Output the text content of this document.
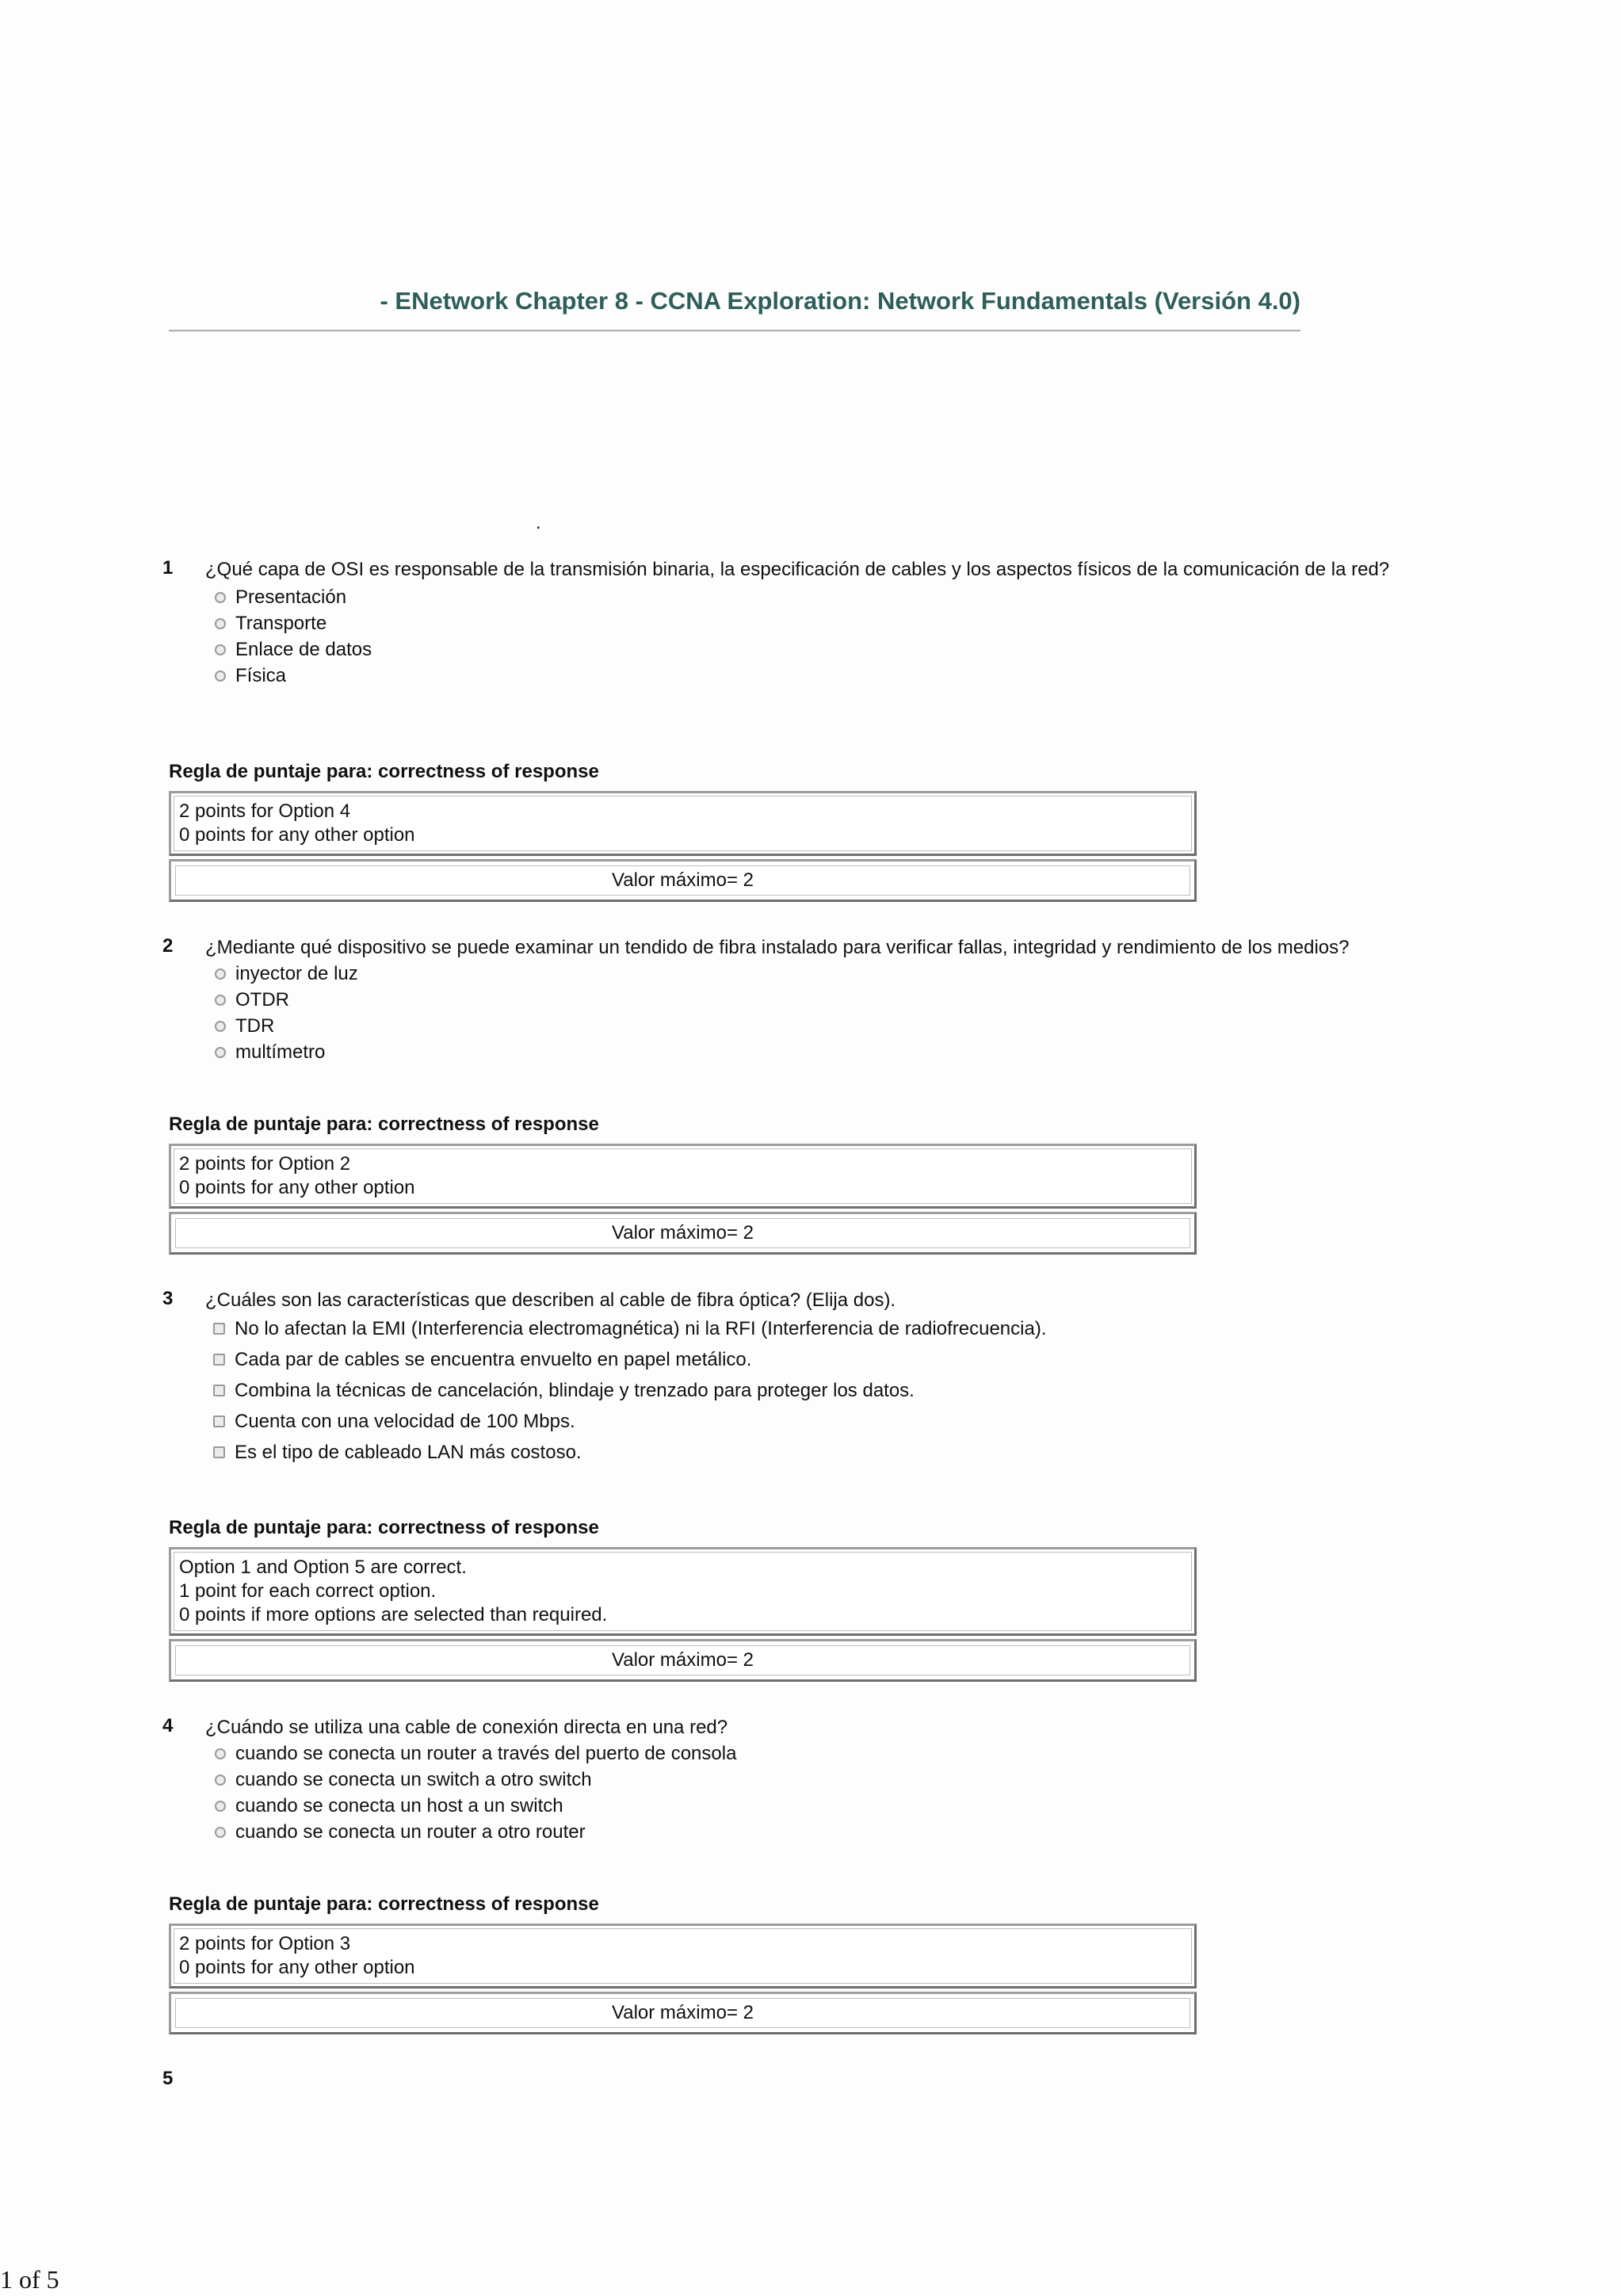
- ENetwork Chapter 8 - CCNA Exploration: Network Fundamentals (Versión 4.0)
.
1 ¿Qué capa de OSI es responsable de la transmisión binaria, la especificación de cables y los aspectos físicos de la comunicación de la red?
Presentación
Transporte
Enlace de datos
Física
Regla de puntaje para: correctness of response
2 points for Option 4
0 points for any other option
Valor máximo= 2
2 ¿Mediante qué dispositivo se puede examinar un tendido de fibra instalado para verificar fallas, integridad y rendimiento de los medios?
inyector de luz
OTDR
TDR
multímetro
Regla de puntaje para: correctness of response
2 points for Option 2
0 points for any other option
Valor máximo= 2
3 ¿Cuáles son las características que describen al cable de fibra óptica? (Elija dos).
No lo afectan la EMI (Interferencia electromagnética) ni la RFI (Interferencia de radiofrecuencia).
Cada par de cables se encuentra envuelto en papel metálico.
Combina la técnicas de cancelación, blindaje y trenzado para proteger los datos.
Cuenta con una velocidad de 100 Mbps.
Es el tipo de cableado LAN más costoso.
Regla de puntaje para: correctness of response
Option 1 and Option 5 are correct.
1 point for each correct option.
0 points if more options are selected than required.
Valor máximo= 2
4 ¿Cuándo se utiliza una cable de conexión directa en una red?
cuando se conecta un router a través del puerto de consola
cuando se conecta un switch a otro switch
cuando se conecta un host a un switch
cuando se conecta un router a otro router
Regla de puntaje para: correctness of response
2 points for Option 3
0 points for any other option
Valor máximo= 2
5
1 of 5
